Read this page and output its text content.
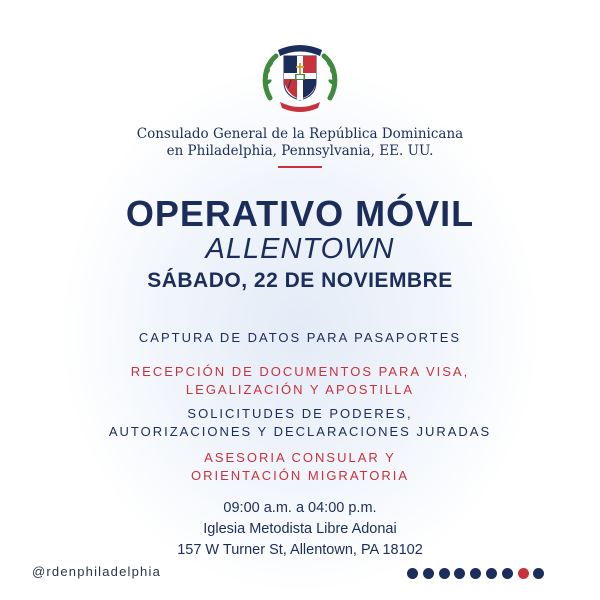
Consulado General de la República Dominicana
en Philadelphia, Pennsylvania, EE. UU.
OPERATIVO MÓVIL
ALLENTOWN
SÁBADO, 22 DE NOVIEMBRE
CAPTURA DE DATOS PARA PASAPORTES
RECEPCIÓN DE DOCUMENTOS PARA VISA,
LEGALIZACIÓN Y APOSTILLA
SOLICITUDES DE PODERES,
AUTORIZACIONES Y DECLARACIONES JURADAS
ASESORIA CONSULAR Y
ORIENTACIÓN MIGRATORIA
09:00 a.m. a 04:00 p.m.
Iglesia Metodista Libre Adonai
157 W Turner St, Allentown, PA 18102
@rdenphiladelphia
